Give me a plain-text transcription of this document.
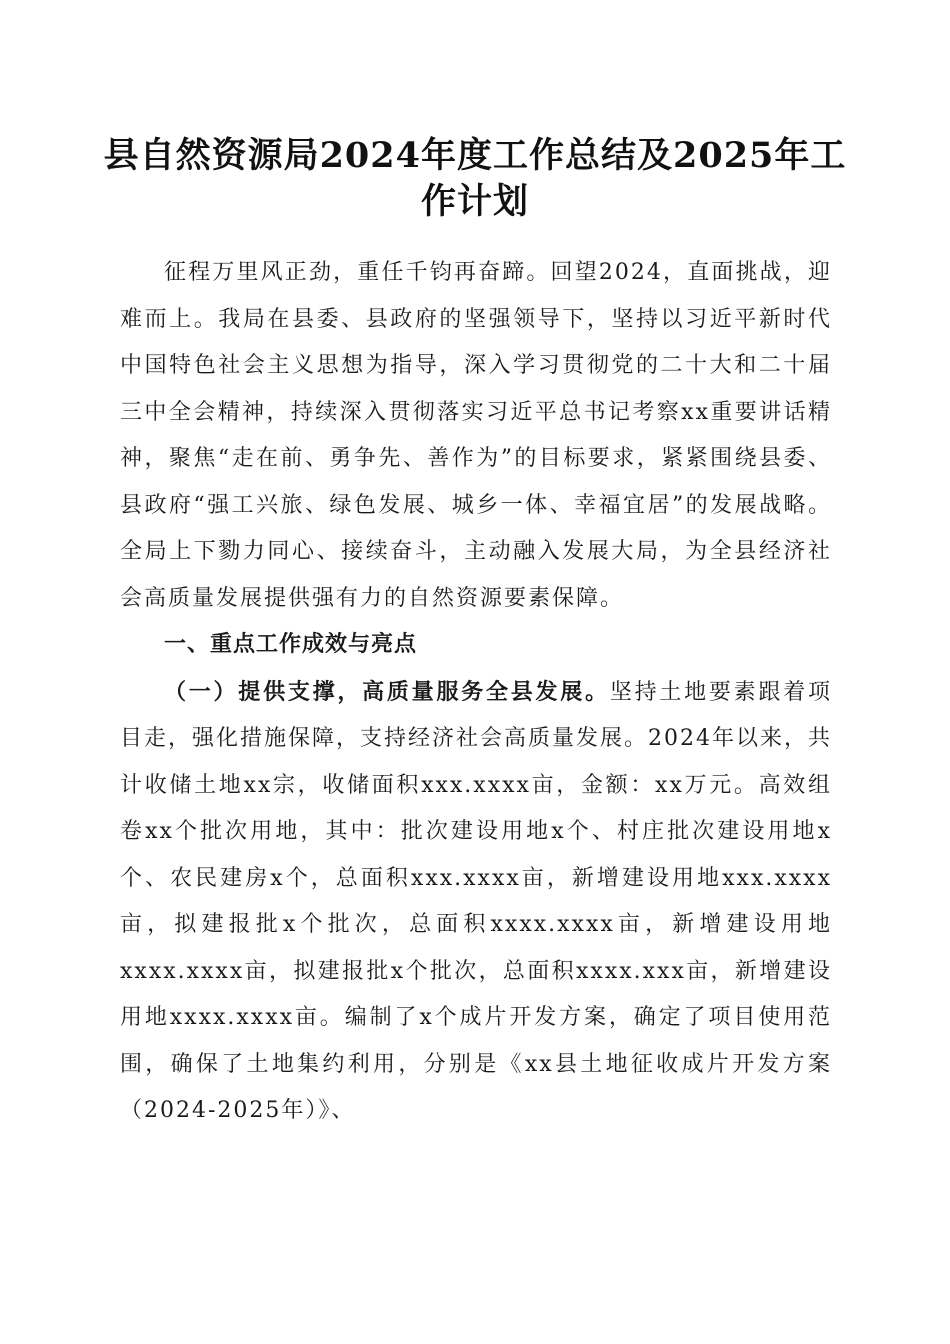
县自然资源局2024年度工作总结及2025年工作计划

征程万里风正劲，重任千钧再奋蹄。回望2024，直面挑战，迎难而上。我局在县委、县政府的坚强领导下，坚持以习近平新时代中国特色社会主义思想为指导，深入学习贯彻党的二十大和二十届三中全会精神，持续深入贯彻落实习近平总书记考察xx重要讲话精神，聚焦“走在前、勇争先、善作为”的目标要求，紧紧围绕县委、县政府“强工兴旅、绿色发展、城乡一体、幸福宜居”的发展战略。全局上下勠力同心、接续奋斗，主动融入发展大局，为全县经济社会高质量发展提供强有力的自然资源要素保障。

一、重点工作成效与亮点

（一）提供支撑，高质量服务全县发展。坚持土地要素跟着项目走，强化措施保障，支持经济社会高质量发展。2024年以来，共计收储土地xx宗，收储面积xxx.xxxx亩，金额：xx万元。高效组卷xx个批次用地，其中：批次建设用地x个、村庄批次建设用地x个、农民建房x个，总面积xxx.xxxx亩，新增建设用地xxx.xxxx亩，拟建报批x个批次，总面积xxxx.xxxx亩，新增建设用地xxxx.xxxx亩，拟建报批x个批次，总面积xxxx.xxx亩，新增建设用地xxxx.xxxx亩。编制了x个成片开发方案，确定了项目使用范围，确保了土地集约利用，分别是《xx县土地征收成片开发方案（2024-2025年）》、
